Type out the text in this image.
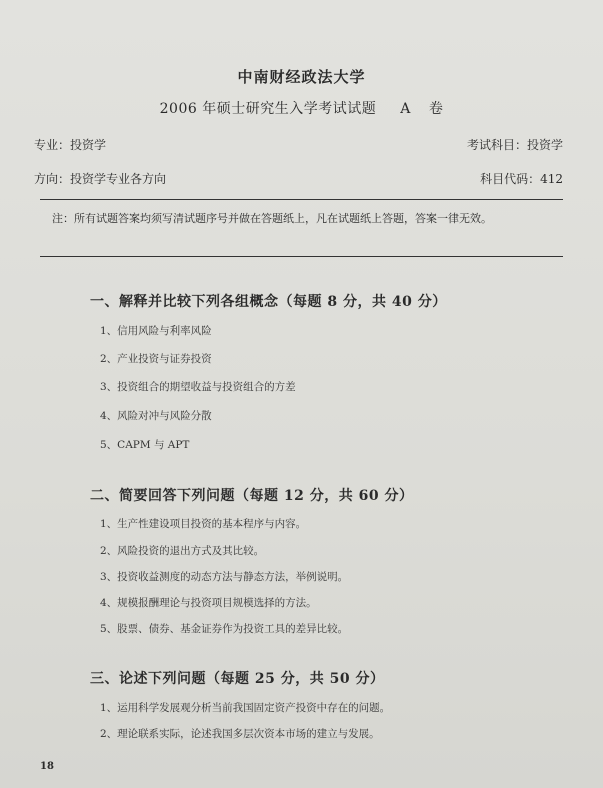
中南财经政法大学
2006 年硕士研究生入学考试试题 A 卷
专业：投资学	考试科目：投资学
方向：投资学专业各方向	科目代码：412
注：所有试题答案均须写清试题序号并做在答题纸上，凡在试题纸上答题，答案一律无效。
一、解释并比较下列各组概念（每题 8 分，共 40 分）
1、信用风险与利率风险
2、产业投资与证券投资
3、投资组合的期望收益与投资组合的方差
4、风险对冲与风险分散
5、CAPM 与 APT
二、简要回答下列问题（每题 12 分，共 60 分）
1、生产性建设项目投资的基本程序与内容。
2、风险投资的退出方式及其比较。
3、投资收益测度的动态方法与静态方法，举例说明。
4、规模报酬理论与投资项目规模选择的方法。
5、股票、债券、基金证券作为投资工具的差异比较。
三、论述下列问题（每题 25 分，共 50 分）
1、运用科学发展观分析当前我国固定资产投资中存在的问题。
2、理论联系实际，论述我国多层次资本市场的建立与发展。
18
